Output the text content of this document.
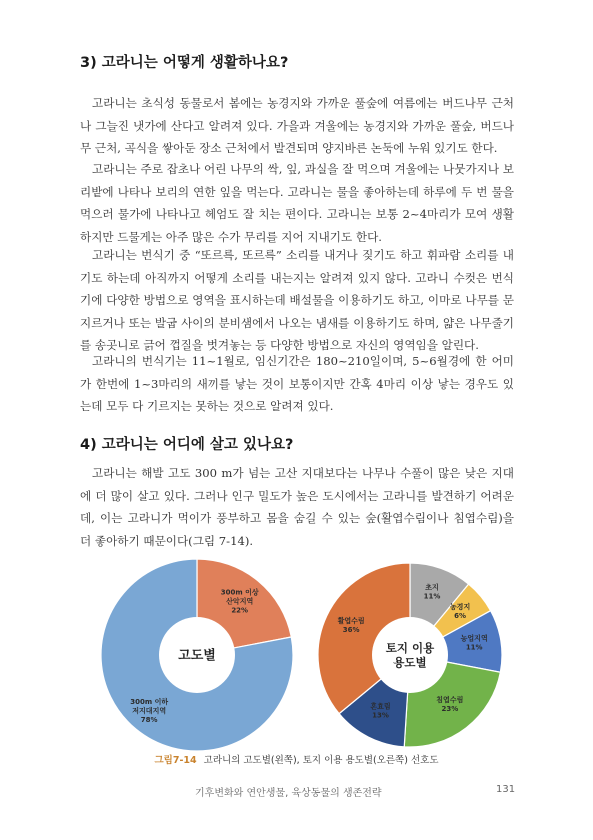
3) 고라니는 어떻게 생활하나요?

고라니는 초식성 동물로서 봄에는 농경지와 가까운 풀숲에 여름에는 버드나무 근처나 그늘진 냇가에 산다고 알려져 있다. 가을과 겨울에는 농경지와 가까운 풀숲, 버드나무 근처, 곡식을 쌓아둔 장소 근처에서 발견되며 양지바른 논둑에 누워 있기도 한다.

고라니는 주로 잡초나 어린 나무의 싹, 잎, 과실을 잘 먹으며 겨울에는 나뭇가지나 보리밭에 나타나 보리의 연한 잎을 먹는다. 고라니는 물을 좋아하는데 하루에 두 번 물을 먹으러 물가에 나타나고 헤엄도 잘 치는 편이다. 고라니는 보통 2~4마리가 모여 생활하지만 드물게는 아주 많은 수가 무리를 지어 지내기도 한다.

고라니는 번식기 중 “또르륵, 또르륵” 소리를 내거나 짖기도 하고 휘파람 소리를 내기도 하는데 아직까지 어떻게 소리를 내는지는 알려져 있지 않다. 고라니 수컷은 번식기에 다양한 방법으로 영역을 표시하는데 배설물을 이용하기도 하고, 이마로 나무를 문지르거나 또는 발굽 사이의 분비샘에서 나오는 냄새를 이용하기도 하며, 얇은 나무줄기를 송곳니로 긁어 껍질을 벗겨놓는 등 다양한 방법으로 자신의 영역임을 알린다.

고라니의 번식기는 11~1월로, 임신기간은 180~210일이며, 5~6월경에 한 어미가 한번에 1~3마리의 새끼를 낳는 것이 보통이지만 간혹 4마리 이상 낳는 경우도 있는데 모두 다 기르지는 못하는 것으로 알려져 있다.

4) 고라니는 어디에 살고 있나요?

고라니는 해발 고도 300 m가 넘는 고산 지대보다는 나무나 수풀이 많은 낮은 지대에 더 많이 살고 있다. 그러나 인구 밀도가 높은 도시에서는 고라니를 발견하기 어려운데, 이는 고라니가 먹이가 풍부하고 몸을 숨길 수 있는 숲(활엽수림이나 침엽수림)을 더 좋아하기 때문이다(그림 7-14).

300m 이상 산악지역 22%
300m 이하 저지대지역 78%
고도별
초지 11%
농경지 6%
농업지역 11%
침엽수림 23%
혼효림 13%
활엽수림 36%
토지 이용 용도별
그림7-14 고라니의 고도별(왼쪽), 토지 이용 용도별(오른쪽) 선호도
기후변화와 연안생물, 육상동물의 생존전략	131
